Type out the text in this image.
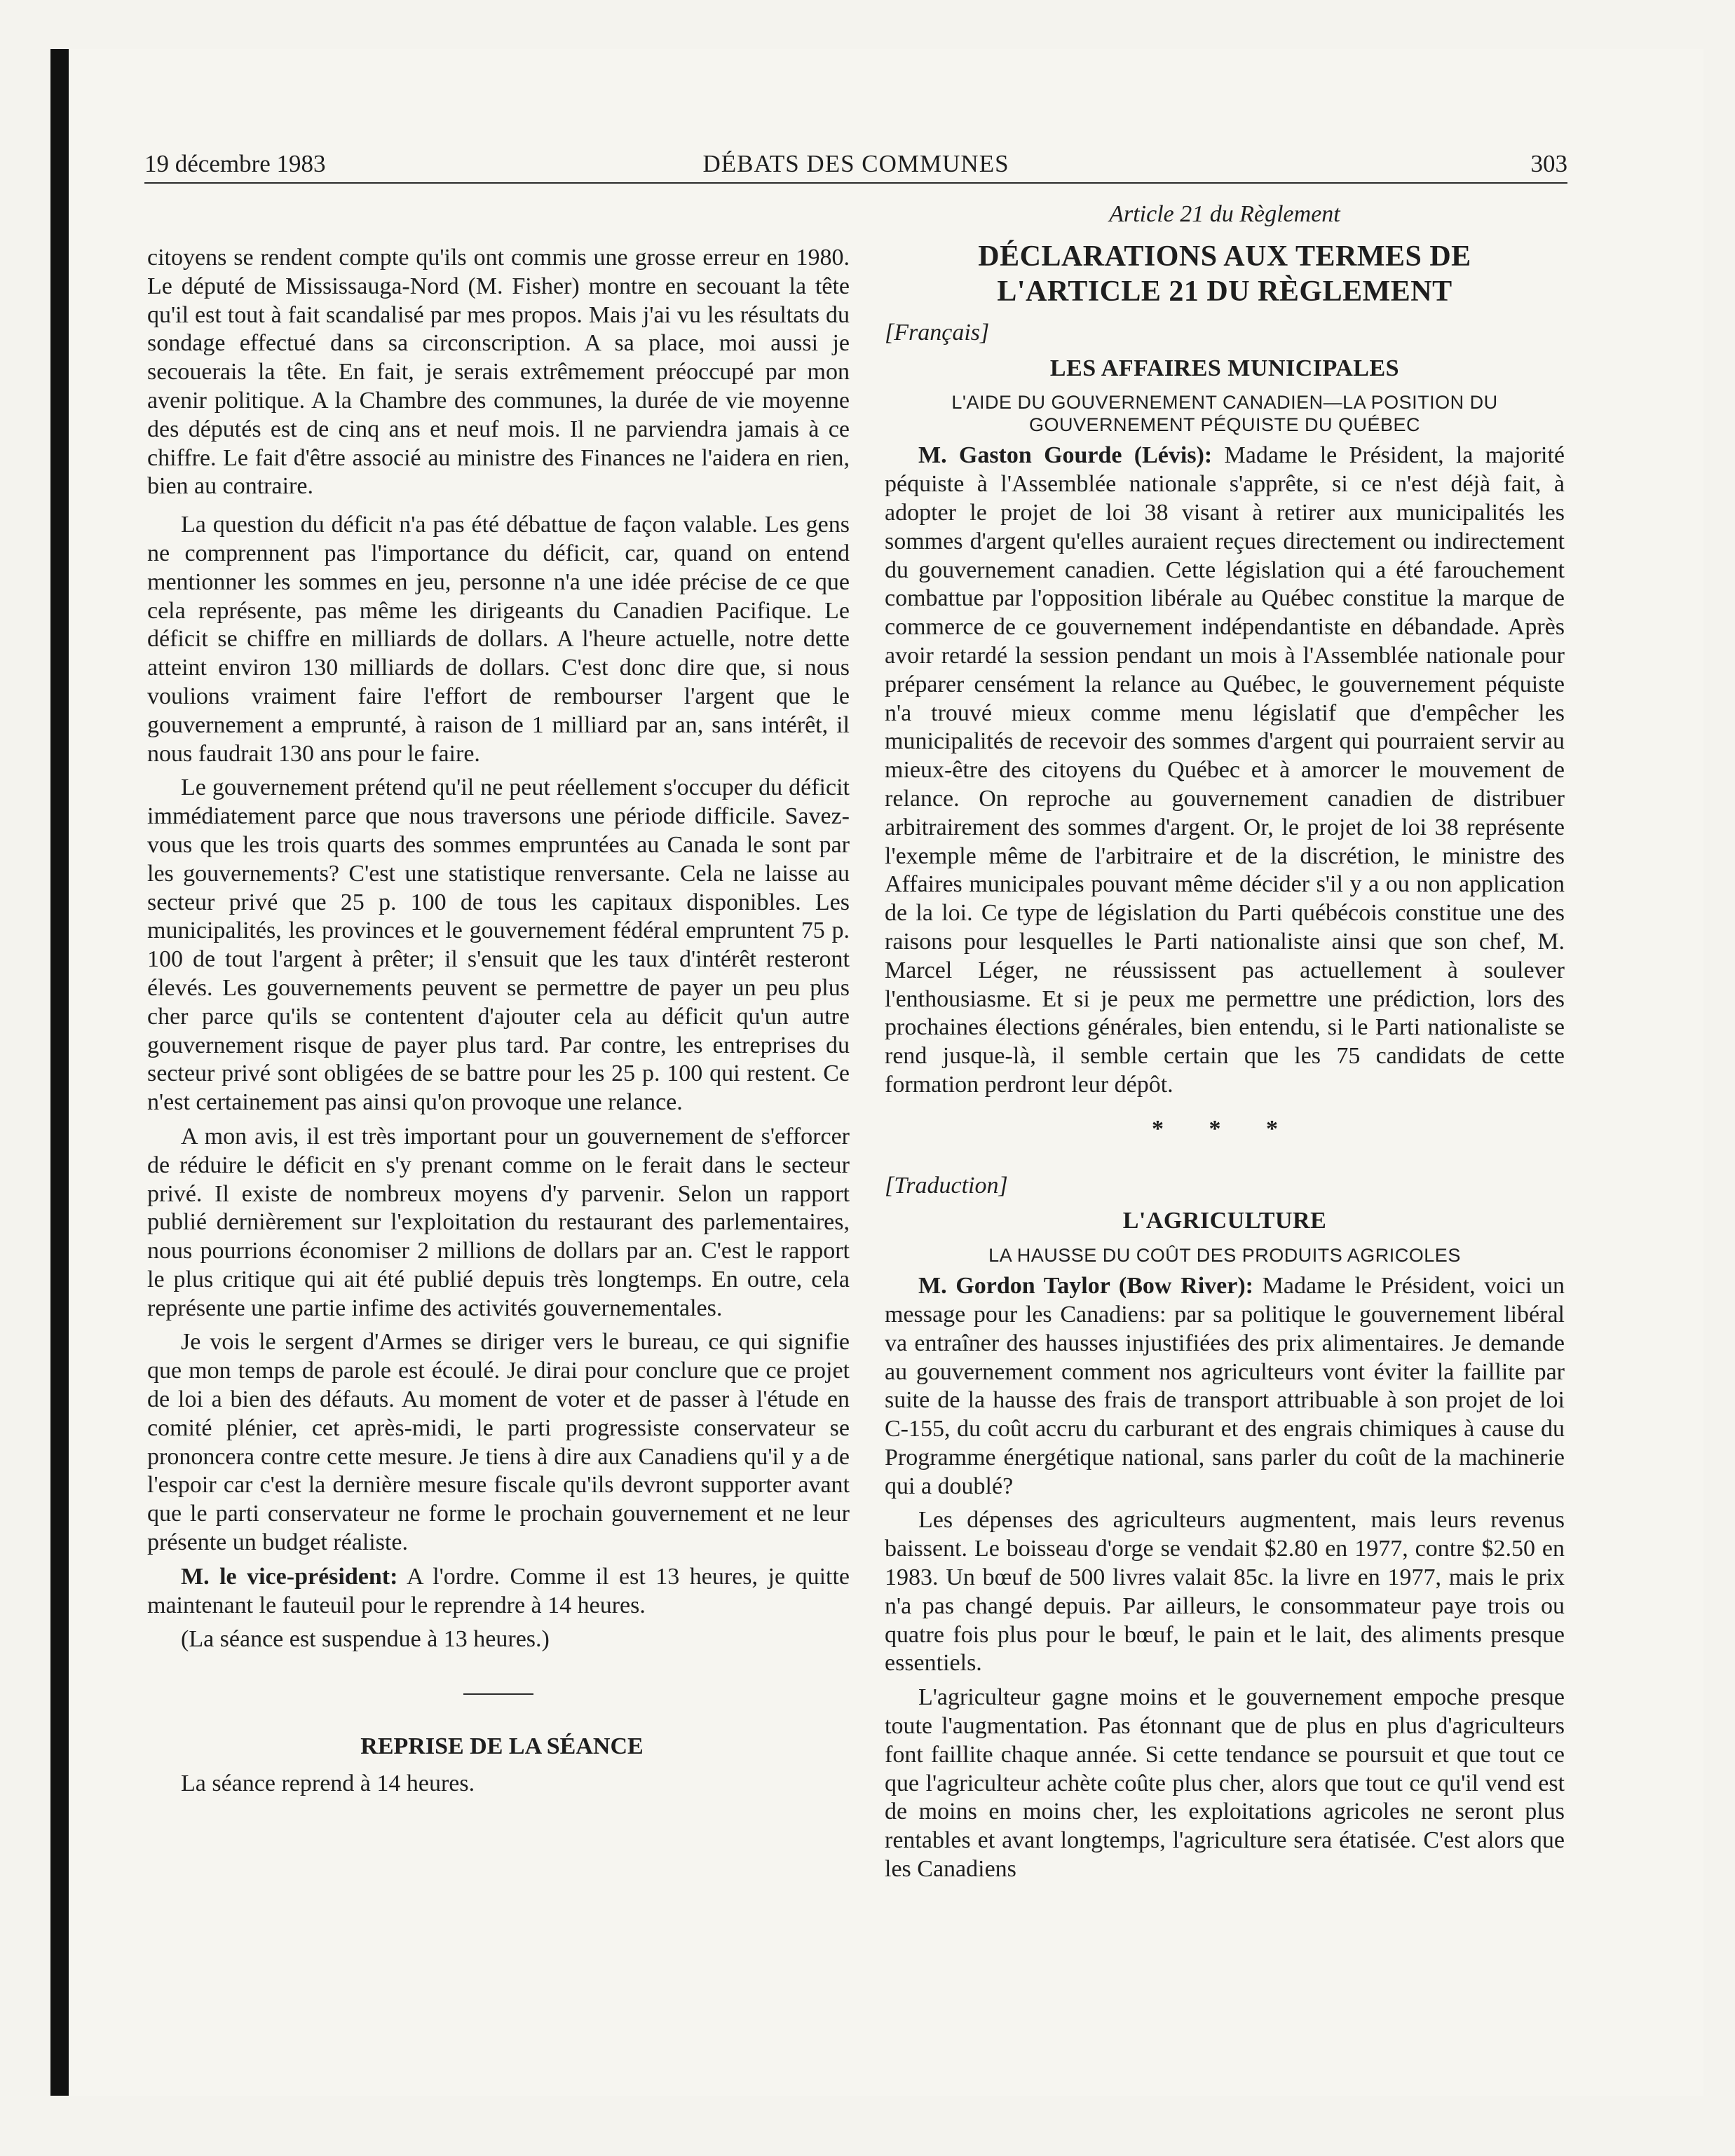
19 décembre 1983	DÉBATS DES COMMUNES	303

citoyens se rendent compte qu'ils ont commis une grosse erreur en 1980. Le député de Mississauga-Nord (M. Fisher) montre en secouant la tête qu'il est tout à fait scandalisé par mes propos. Mais j'ai vu les résultats du sondage effectué dans sa circonscription. A sa place, moi aussi je secouerais la tête. En fait, je serais extrêmement préoccupé par mon avenir politique. A la Chambre des communes, la durée de vie moyenne des députés est de cinq ans et neuf mois. Il ne parviendra jamais à ce chiffre. Le fait d'être associé au ministre des Finances ne l'aidera en rien, bien au contraire.

La question du déficit n'a pas été débattue de façon valable. Les gens ne comprennent pas l'importance du déficit, car, quand on entend mentionner les sommes en jeu, personne n'a une idée précise de ce que cela représente, pas même les dirigeants du Canadien Pacifique. Le déficit se chiffre en milliards de dollars. A l'heure actuelle, notre dette atteint environ 130 milliards de dollars. C'est donc dire que, si nous voulions vraiment faire l'effort de rembourser l'argent que le gouvernement a emprunté, à raison de 1 milliard par an, sans intérêt, il nous faudrait 130 ans pour le faire.

Le gouvernement prétend qu'il ne peut réellement s'occuper du déficit immédiatement parce que nous traversons une période difficile. Savez-vous que les trois quarts des sommes empruntées au Canada le sont par les gouvernements? C'est une statistique renversante. Cela ne laisse au secteur privé que 25 p. 100 de tous les capitaux disponibles. Les municipalités, les provinces et le gouvernement fédéral empruntent 75 p. 100 de tout l'argent à prêter; il s'ensuit que les taux d'intérêt resteront élevés. Les gouvernements peuvent se permettre de payer un peu plus cher parce qu'ils se contentent d'ajouter cela au déficit qu'un autre gouvernement risque de payer plus tard. Par contre, les entreprises du secteur privé sont obligées de se battre pour les 25 p. 100 qui restent. Ce n'est certainement pas ainsi qu'on provoque une relance.

A mon avis, il est très important pour un gouvernement de s'efforcer de réduire le déficit en s'y prenant comme on le ferait dans le secteur privé. Il existe de nombreux moyens d'y parvenir. Selon un rapport publié dernièrement sur l'exploitation du restaurant des parlementaires, nous pourrions économiser 2 millions de dollars par an. C'est le rapport le plus critique qui ait été publié depuis très longtemps. En outre, cela représente une partie infime des activités gouvernementales.

Je vois le sergent d'Armes se diriger vers le bureau, ce qui signifie que mon temps de parole est écoulé. Je dirai pour conclure que ce projet de loi a bien des défauts. Au moment de voter et de passer à l'étude en comité plénier, cet après-midi, le parti progressiste conservateur se prononcera contre cette mesure. Je tiens à dire aux Canadiens qu'il y a de l'espoir car c'est la dernière mesure fiscale qu'ils devront supporter avant que le parti conservateur ne forme le prochain gouvernement et ne leur présente un budget réaliste.

M. le vice-président: A l'ordre. Comme il est 13 heures, je quitte maintenant le fauteuil pour le reprendre à 14 heures.

(La séance est suspendue à 13 heures.)

REPRISE DE LA SÉANCE

La séance reprend à 14 heures.

Article 21 du Règlement
DÉCLARATIONS AUX TERMES DE
L'ARTICLE 21 DU RÈGLEMENT
[Français]
LES AFFAIRES MUNICIPALES
L'AIDE DU GOUVERNEMENT CANADIEN—LA POSITION DU
GOUVERNEMENT PÉQUISTE DU QUÉBEC

M. Gaston Gourde (Lévis): Madame le Président, la majorité péquiste à l'Assemblée nationale s'apprête, si ce n'est déjà fait, à adopter le projet de loi 38 visant à retirer aux municipalités les sommes d'argent qu'elles auraient reçues directement ou indirectement du gouvernement canadien. Cette législation qui a été farouchement combattue par l'opposition libérale au Québec constitue la marque de commerce de ce gouvernement indépendantiste en débandade. Après avoir retardé la session pendant un mois à l'Assemblée nationale pour préparer censément la relance au Québec, le gouvernement péquiste n'a trouvé mieux comme menu législatif que d'empêcher les municipalités de recevoir des sommes d'argent qui pourraient servir au mieux-être des citoyens du Québec et à amorcer le mouvement de relance. On reproche au gouvernement canadien de distribuer arbitrairement des sommes d'argent. Or, le projet de loi 38 représente l'exemple même de l'arbitraire et de la discrétion, le ministre des Affaires municipales pouvant même décider s'il y a ou non application de la loi. Ce type de législation du Parti québécois constitue une des raisons pour lesquelles le Parti nationaliste ainsi que son chef, M. Marcel Léger, ne réussissent pas actuellement à soulever l'enthousiasme. Et si je peux me permettre une prédiction, lors des prochaines élections générales, bien entendu, si le Parti nationaliste se rend jusque-là, il semble certain que les 75 candidats de cette formation perdront leur dépôt.

* * *
[Traduction]
L'AGRICULTURE
LA HAUSSE DU COÛT DES PRODUITS AGRICOLES

M. Gordon Taylor (Bow River): Madame le Président, voici un message pour les Canadiens: par sa politique le gouvernement libéral va entraîner des hausses injustifiées des prix alimentaires. Je demande au gouvernement comment nos agriculteurs vont éviter la faillite par suite de la hausse des frais de transport attribuable à son projet de loi C-155, du coût accru du carburant et des engrais chimiques à cause du Programme énergétique national, sans parler du coût de la machinerie qui a doublé?

Les dépenses des agriculteurs augmentent, mais leurs revenus baissent. Le boisseau d'orge se vendait $2.80 en 1977, contre $2.50 en 1983. Un bœuf de 500 livres valait 85c. la livre en 1977, mais le prix n'a pas changé depuis. Par ailleurs, le consommateur paye trois ou quatre fois plus pour le bœuf, le pain et le lait, des aliments presque essentiels.

L'agriculteur gagne moins et le gouvernement empoche presque toute l'augmentation. Pas étonnant que de plus en plus d'agriculteurs font faillite chaque année. Si cette tendance se poursuit et que tout ce que l'agriculteur achète coûte plus cher, alors que tout ce qu'il vend est de moins en moins cher, les exploitations agricoles ne seront plus rentables et avant longtemps, l'agriculture sera étatisée. C'est alors que les Canadiens
